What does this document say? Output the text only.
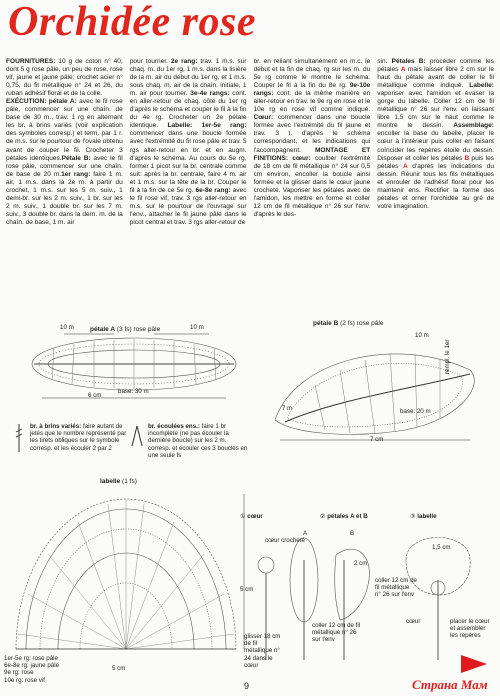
Orchidée rose

FOURNITURES: 10 g de coton n° 40, dont 5 g rose pâle, un peu de rose, rose vif, jaune et jaune pâle; crochet acier n° 0,75, du fil métallique n° 24 et 26, du ruban adhésif floral et de la colle.

EXÉCUTION: pétale A: avec le fil rose pâle, commencer sur une chaîn. de base de 30 m., trav. 1 rg en alternant les br. à brins variés (voir explication des symboles corresp.) et term. par 1 r. de m.s. sur le pourtour de l'ovale obtenu avant de couper le fil. Crocheter 3 pétales identiques.Pétale B: avec le fil rose pâle, commencer sur une chaîn. de base de 20 m.1er rang: faire 1 m. air, 1 m.s. dans la 2e m. à partir du crochet, 1 m.s. sur les 5 m. suiv., 1 demi-br. sur les 2 m. suiv., 1 br. sur les 2 m. suiv., 1 double br. sur les 7 m. suiv., 3 double br. dans la dern. m. de la chaîn. de base, 1 m. air

pour tourner. 2e rang: trav. 1 m.s. sur chaq. m. du 1er rg, 1 m.s. dans la lisière de la m. air du début du 1er rg, et 1 m.s. sous chaq. m. air de la chaîn. initiale, 1 m. air pour tourner. 3e-4e rangs: cont. en aller-retour de chaq. côté du 1er rg d'après le schéma et couper le fil à la fin du 4e rg. Crocheter un 2e pétale identique. Labelle: 1er-5e rang: commencer dans une boucle formée avec l'extrémité du fil rose pâle et trav. 5 rgs aller-retour en br. et en augm. d'après le schéma. Au cours du 5e rg, former 1 picot sur la br. centrale comme suit: après la br. centrale, faire 4 m. air et 1 m.s. sur la tête de la br. Couper le fil à la fin de ce 5e rg. 6e-8e rang: avec le fil rose vif, trav. 3 rgs aller-retour en m.s. sur le pourtour de l'ouvrage sur l'env., attacher le fil jaune pâle dans le picot central et trav. 3 rgs aller-retour de

br. en reliant simultanément en m.c. le début et la fin de chaq. rg sur les m. du 5e rg comme le montre le schéma. Couper le fil à la fin du 8e rg. 9e-10e rangs: cont. de la même manière en aller-retour en trav. le 9e rg en rose et le 10e rg en rose vif comme indiqué. Cœur: commencer dans une boucle formée avec l'extrémité du fil jaune et trav. 3 t. d'après le schéma correspondant, et les indications qui l'accompagnent. MONTAGE ET FINITIONS: cœur: coulber l'extrémité de 18 cm de fil métallique n° 24 sur 0,5 cm environ, encoller la boucle ainsi formée et la glisser dans le cœur jaune crocheté. Vaporiser les pétales avec de l'amidon, les mettre en forme et coller 12 cm de fil métallique n° 26 sur l'env. d'après le des-

sin. Pétales B: procéder comme les pétales A mais laisser libre 2 cm sur le haut du pétale avant de coller le fil métallique comme indiqué. Labelle: vaporiser avec l'amidon et évaser la gorge du labelle. Coller 12 cm de fil métallique n° 26 sur l'env. en laissant libre 1,5 cm sur le haut comme le montre le dessin. Assemblage: encoller la base du labelle, placer le cœur à l'intérieur puis coller en faisant coïncider les repères étoile du dessin. Disposer et coller les pétales B puis les pétales A d'après les indications du dessin. Réunir tous les fils métalliques et enrouler de l'adhésif floral pour les maintenir ens. Rectifier la forme des pétales et orner l'orchidée au gré de votre imagination.

pétale A (3 fs) rose pâle
10 m	10 m
base: 30 m
6 cm
pétale B (2 fs) rose pâle
10 m
7 m	base: 20 m
7 cm
rempl. le 1er
br. à brins variés: faire autant de jetés que le nombre représenté par les tirets obliques sur le symbole corresp. et les écouler 2 par 2
br. écoulées ens.: faire 1 br incomplète (ne pas écouler la dernière boucle) sur les 2 m. corresp. et écouler ces 3 boucles en une seule fs
labelle (1 fs)
5 cm
5 cm
1er-5e rg: rose pâle
6e-8e rg: jaune pâle
9e rg: rose
10e rg: rose vif
① cœur	② pétales A et B	③ labelle
cœur crocheté
glisser 18 cm de fil métallique n° 24 dans le cœur
A	B
coller 12 cm de fil métallique n° 26 sur l'env
coller 12 cm de fil métallique n° 26 sur l'env
1,5 cm
2 cm
cœur	placer le cœur et assembler les repères
9	Страна Мам
